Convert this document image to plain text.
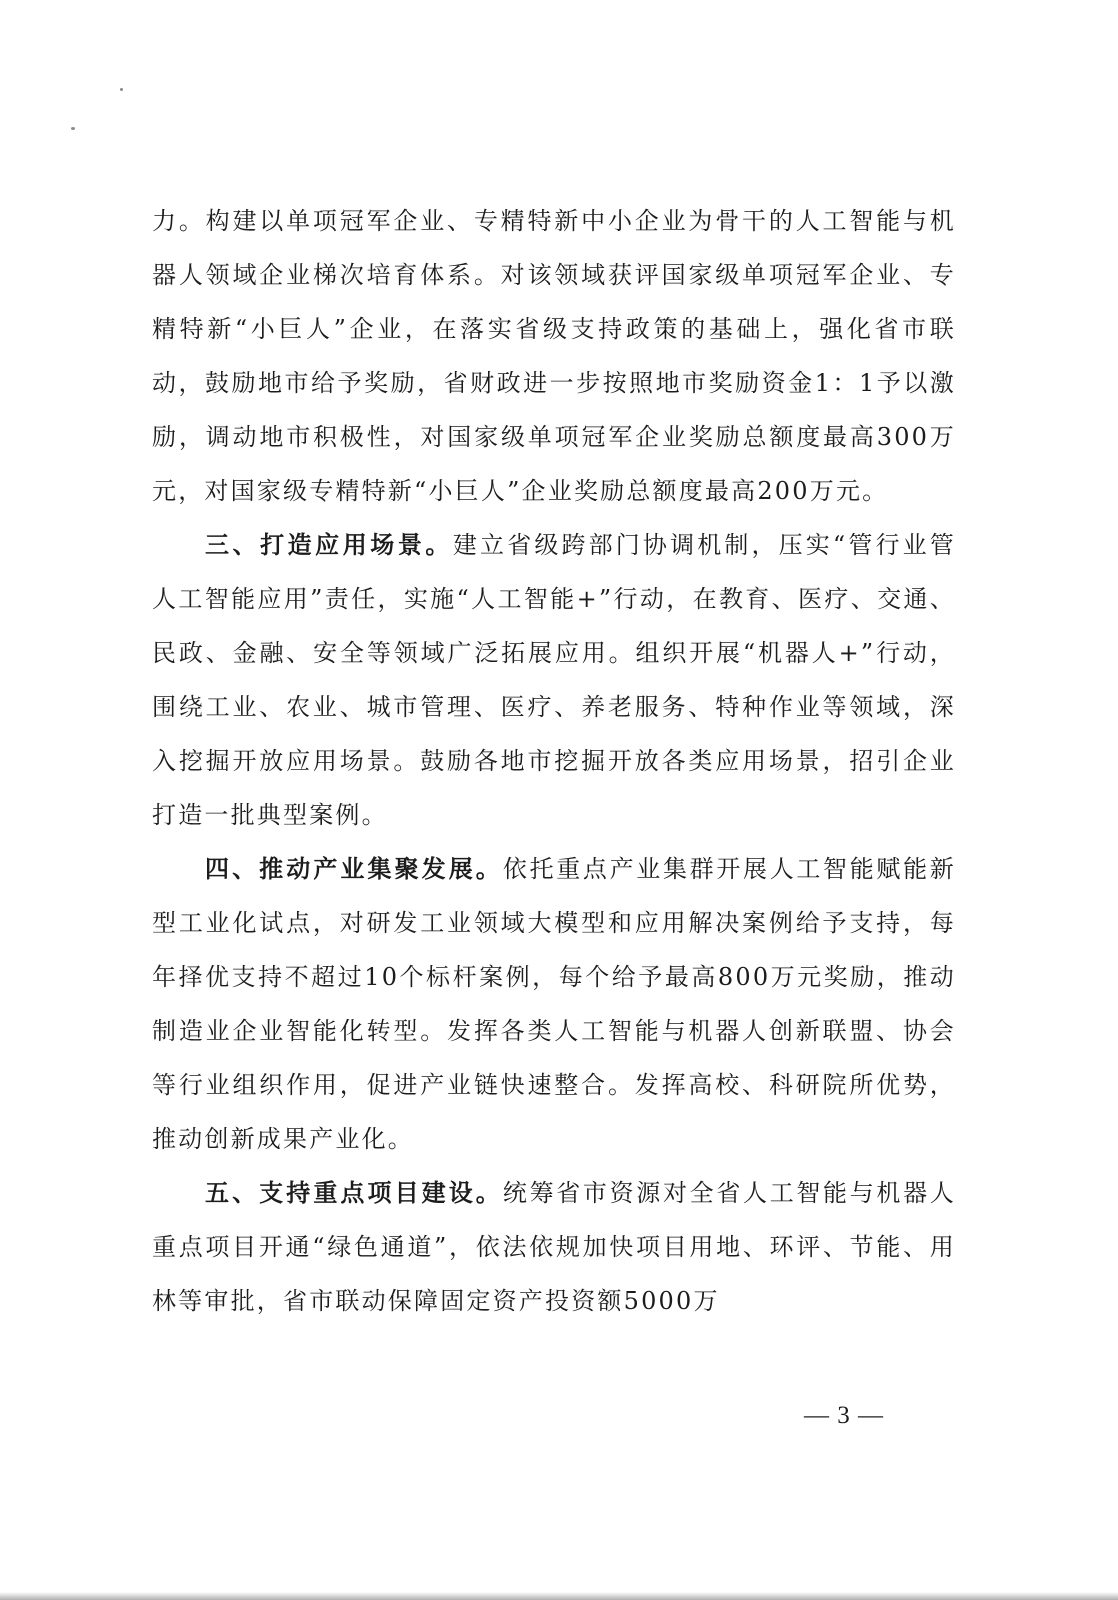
力。构建以单项冠军企业、专精特新中小企业为骨干的人工智能与机器人领域企业梯次培育体系。对该领域获评国家级单项冠军企业、专精特新“小巨人”企业，在落实省级支持政策的基础上，强化省市联动，鼓励地市给予奖励，省财政进一步按照地市奖励资金1：1予以激励，调动地市积极性，对国家级单项冠军企业奖励总额度最高300万元，对国家级专精特新“小巨人”企业奖励总额度最高200万元。

三、打造应用场景。建立省级跨部门协调机制，压实“管行业管人工智能应用”责任，实施“人工智能+”行动，在教育、医疗、交通、民政、金融、安全等领域广泛拓展应用。组织开展“机器人+”行动，围绕工业、农业、城市管理、医疗、养老服务、特种作业等领域，深入挖掘开放应用场景。鼓励各地市挖掘开放各类应用场景，招引企业打造一批典型案例。

四、推动产业集聚发展。依托重点产业集群开展人工智能赋能新型工业化试点，对研发工业领域大模型和应用解决案例给予支持，每年择优支持不超过10个标杆案例，每个给予最高800万元奖励，推动制造业企业智能化转型。发挥各类人工智能与机器人创新联盟、协会等行业组织作用，促进产业链快速整合。发挥高校、科研院所优势，推动创新成果产业化。

五、支持重点项目建设。统筹省市资源对全省人工智能与机器人重点项目开通“绿色通道”，依法依规加快项目用地、环评、节能、用林等审批，省市联动保障固定资产投资额5000万

— 3 —
